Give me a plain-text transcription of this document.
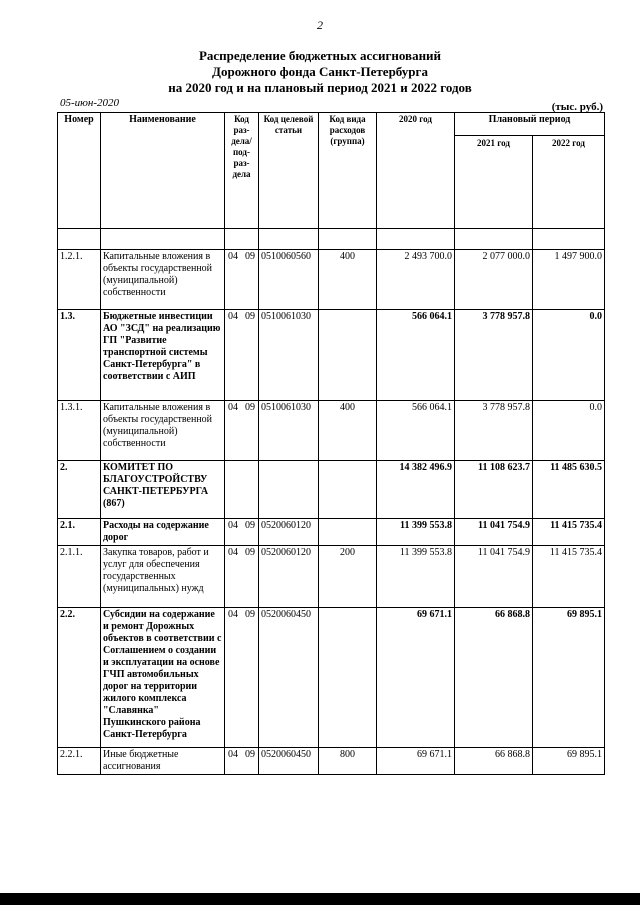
2
Распределение бюджетных ассигнований
Дорожного фонда Санкт-Петербурга
на 2020 год и на плановый период 2021 и 2022 годов
05-июн-2020	(тыс. руб.)
Номер	Наименование	Код раз-дела/ под-раз-дела	Код целевой статьи	Код вида расходов (группа)	2020 год	Плановый период	
						2021 год	2022 год

1.2.1.	Капитальные вложения в объекты государственной (муниципальной) собственности	04 09	0510060560	400	2 493 700.0	2 077 000.0	1 497 900.0
1.3.	Бюджетные инвестиции АО "ЗСД" на реализацию ГП "Развитие транспортной системы Санкт-Петербурга" в соответствии с АИП	04 09	0510061030		566 064.1	3 778 957.8	0.0
1.3.1.	Капитальные вложения в объекты государственной (муниципальной) собственности	04 09	0510061030	400	566 064.1	3 778 957.8	0.0
2.	КОМИТЕТ ПО БЛАГОУСТРОЙСТВУ САНКТ-ПЕТЕРБУРГА (867)				14 382 496.9	11 108 623.7	11 485 630.5
2.1.	Расходы на содержание дорог	04 09	0520060120		11 399 553.8	11 041 754.9	11 415 735.4
2.1.1.	Закупка товаров, работ и услуг для обеспечения государственных (муниципальных) нужд	04 09	0520060120	200	11 399 553.8	11 041 754.9	11 415 735.4
2.2.	Субсидии на содержание и ремонт Дорожных объектов в соответствии с Соглашением о создании и эксплуатации на основе ГЧП автомобильных дорог на территории жилого комплекса "Славянка" Пушкинского района Санкт-Петербурга	04 09	0520060450		69 671.1	66 868.8	69 895.1
2.2.1.	Иные бюджетные ассигнования	04 09	0520060450	800	69 671.1	66 868.8	69 895.1
